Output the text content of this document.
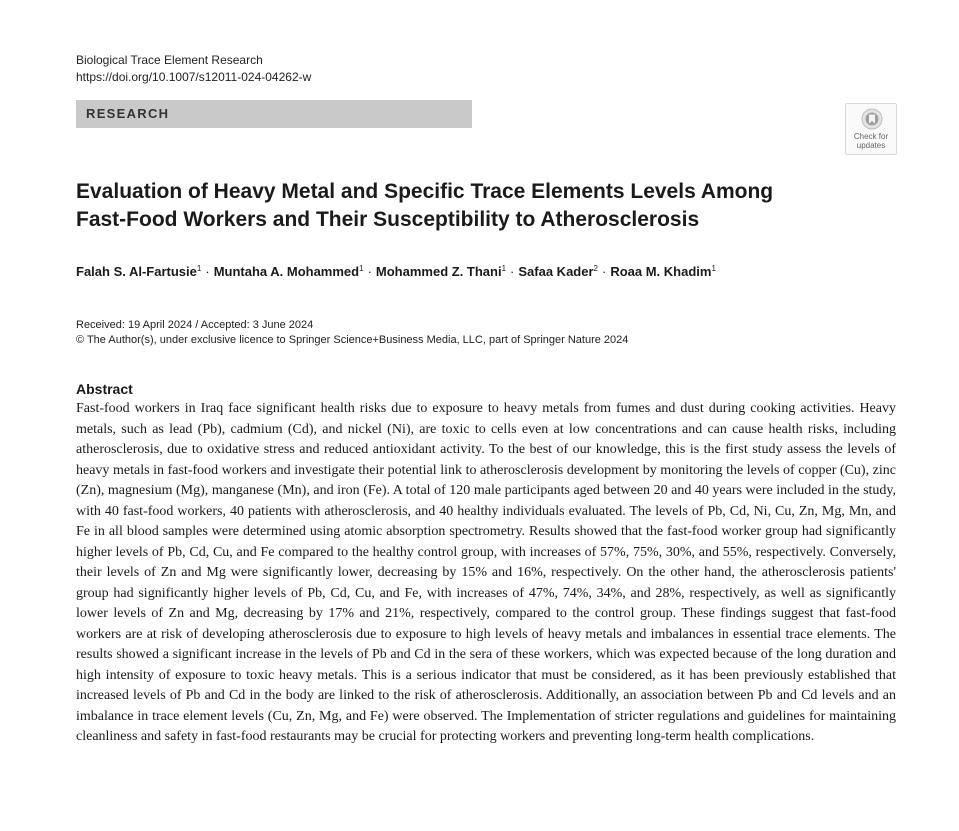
Biological Trace Element Research
https://doi.org/10.1007/s12011-024-04262-w
RESEARCH
Check for
updates
Evaluation of Heavy Metal and Specific Trace Elements Levels Among
Fast-Food Workers and Their Susceptibility to Atherosclerosis
Falah S. Al-Fartusie$^1$ · Muntaha A. Mohammed$^1$ · Mohammed Z. Thani$^1$ · Safaa Kader$^2$ · Roaa M. Khadim$^1$
Received: 19 April 2024 / Accepted: 3 June 2024
© The Author(s), under exclusive licence to Springer Science+Business Media, LLC, part of Springer Nature 2024
Abstract

Fast-food workers in Iraq face significant health risks due to exposure to heavy metals from fumes and dust during cooking activities. Heavy metals, such as lead (Pb), cadmium (Cd), and nickel (Ni), are toxic to cells even at low concentrations and can cause health risks, including atherosclerosis, due to oxidative stress and reduced antioxidant activity. To the best of our knowledge, this is the first study assess the levels of heavy metals in fast-food workers and investigate their potential link to atherosclerosis development by monitoring the levels of copper (Cu), zinc (Zn), magnesium (Mg), manganese (Mn), and iron (Fe). A total of 120 male participants aged between 20 and 40 years were included in the study, with 40 fast-food workers, 40 patients with atherosclerosis, and 40 healthy individuals evaluated. The levels of Pb, Cd, Ni, Cu, Zn, Mg, Mn, and Fe in all blood samples were determined using atomic absorption spectrometry. Results showed that the fast-food worker group had significantly higher levels of Pb, Cd, Cu, and Fe compared to the healthy control group, with increases of 57%, 75%, 30%, and 55%, respectively. Conversely, their levels of Zn and Mg were significantly lower, decreasing by 15% and 16%, respectively. On the other hand, the atherosclerosis patients' group had significantly higher levels of Pb, Cd, Cu, and Fe, with increases of 47%, 74%, 34%, and 28%, respectively, as well as significantly lower levels of Zn and Mg, decreasing by 17% and 21%, respectively, compared to the control group. These findings suggest that fast-food workers are at risk of developing atherosclerosis due to exposure to high levels of heavy metals and imbalances in essential trace elements. The results showed a significant increase in the levels of Pb and Cd in the sera of these workers, which was expected because of the long duration and high intensity of exposure to toxic heavy metals. This is a serious indicator that must be considered, as it has been previously established that increased levels of Pb and Cd in the body are linked to the risk of atherosclerosis. Additionally, an association between Pb and Cd levels and an imbalance in trace element levels (Cu, Zn, Mg, and Fe) were observed. The Implementation of stricter regulations and guidelines for maintaining cleanliness and safety in fast-food restaurants may be crucial for protecting workers and preventing long-term health complications.
